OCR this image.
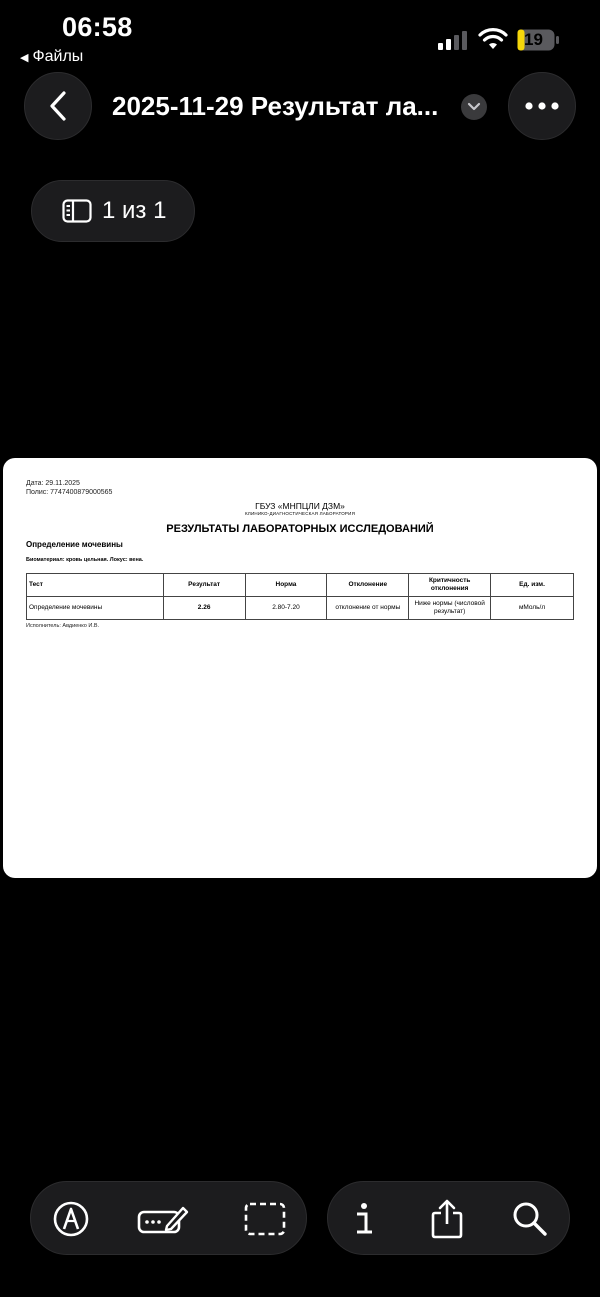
06:58
◀ Файлы
19
2025-11-29 Результат ла...
1 из 1
Дата: 29.11.2025
Полис: 7747400879000565
ГБУЗ «МНПЦЛИ ДЗМ»
КЛИНИКО-ДИАГНОСТИЧЕСКАЯ ЛАБОРАТОРИЯ
РЕЗУЛЬТАТЫ ЛАБОРАТОРНЫХ ИССЛЕДОВАНИЙ
Определение мочевины
Биоматериал: кровь цельная. Локус: вена.
Тест	Результат	Норма	Отклонение	Критичность отклонения	Ед. изм.
Определение мочевины	2.26	2.80-7.20	отклонение от нормы	Ниже нормы (числовой результат)	мМоль/л
Исполнитель: Авдиенко И.В.
